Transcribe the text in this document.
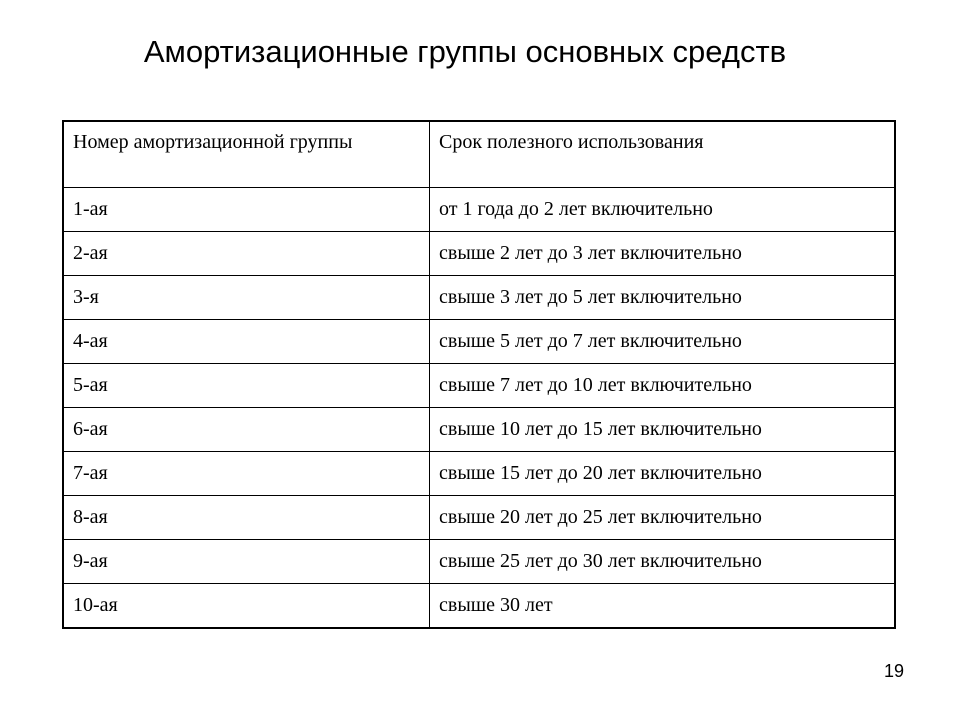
Амортизационные группы основных средств
Номер амортизационной группы	Срок полезного использования
1-ая	от 1 года до 2 лет включительно
2-ая	свыше 2 лет до 3 лет включительно
3-я	свыше 3 лет до 5 лет включительно
4-ая	свыше 5 лет до 7 лет включительно
5-ая	свыше 7 лет до 10 лет включительно
6-ая	свыше 10 лет до 15 лет включительно
7-ая	свыше 15 лет до 20 лет включительно
8-ая	свыше 20 лет до 25 лет включительно
9-ая	свыше 25 лет до 30 лет включительно
10-ая	свыше 30 лет
19
